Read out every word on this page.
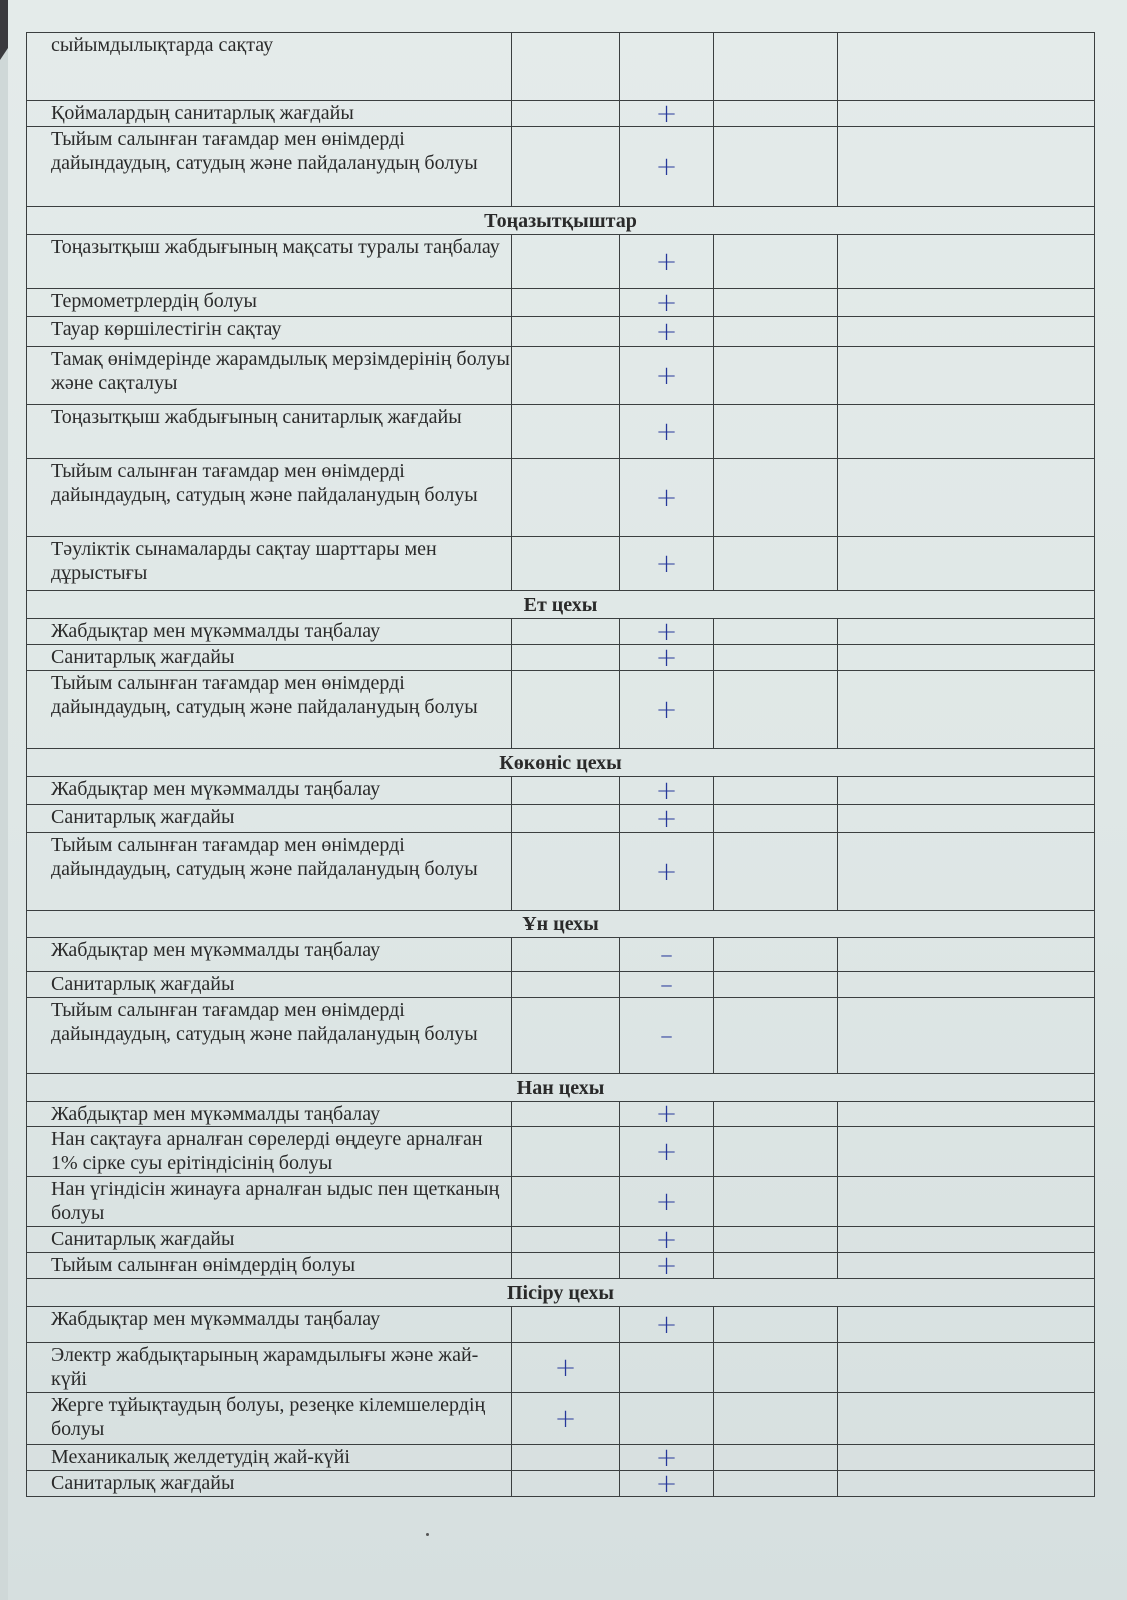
сыйымдылықтарда сақтау				
Қоймалардың санитарлық жағдайы		+		
Тыйым салынған тағамдар мен өнімдерді дайындаудың, сатудың және пайдаланудың болуы		+		
Тоңазытқыштар				
Тоңазытқыш жабдығының мақсаты туралы таңбалау		+		
Термометрлердің болуы		+		
Тауар көршілестігін сақтау		+		
Тамақ өнімдерінде жарамдылық мерзімдерінің болуы және сақталуы		+		
Тоңазытқыш жабдығының санитарлық жағдайы		+		
Тыйым салынған тағамдар мен өнімдерді дайындаудың, сатудың және пайдаланудың болуы		+		
Тәуліктік сынамаларды сақтау шарттары мен дұрыстығы		+		
Ет цехы				
Жабдықтар мен мүкәммалды таңбалау		+		
Санитарлық жағдайы		+		
Тыйым салынған тағамдар мен өнімдерді дайындаудың, сатудың және пайдаланудың болуы		+		
Көкөніс цехы				
Жабдықтар мен мүкәммалды таңбалау		+		
Санитарлық жағдайы		+		
Тыйым салынған тағамдар мен өнімдерді дайындаудың, сатудың және пайдаланудың болуы		+		
Ұн цехы				
Жабдықтар мен мүкәммалды таңбалау		–		
Санитарлық жағдайы		–		
Тыйым салынған тағамдар мен өнімдерді дайындаудың, сатудың және пайдаланудың болуы		–		
Нан цехы				
Жабдықтар мен мүкәммалды таңбалау		+		
Нан сақтауға арналған сөрелерді өңдеуге арналған 1% сірке суы ерітіндісінің болуы		+		
Нан үгіндісін жинауға арналған ыдыс пен щетканың болуы		+		
Санитарлық жағдайы		+		
Тыйым салынған өнімдердің болуы		+		
Пісіру цехы				
Жабдықтар мен мүкәммалды таңбалау		+		
Электр жабдықтарының жарамдылығы және жай-күйі	+			
Жерге тұйықтаудың болуы, резеңке кілемшелердің болуы	+			
Механикалық желдетудің жай-күйі		+		
Санитарлық жағдайы		+		
